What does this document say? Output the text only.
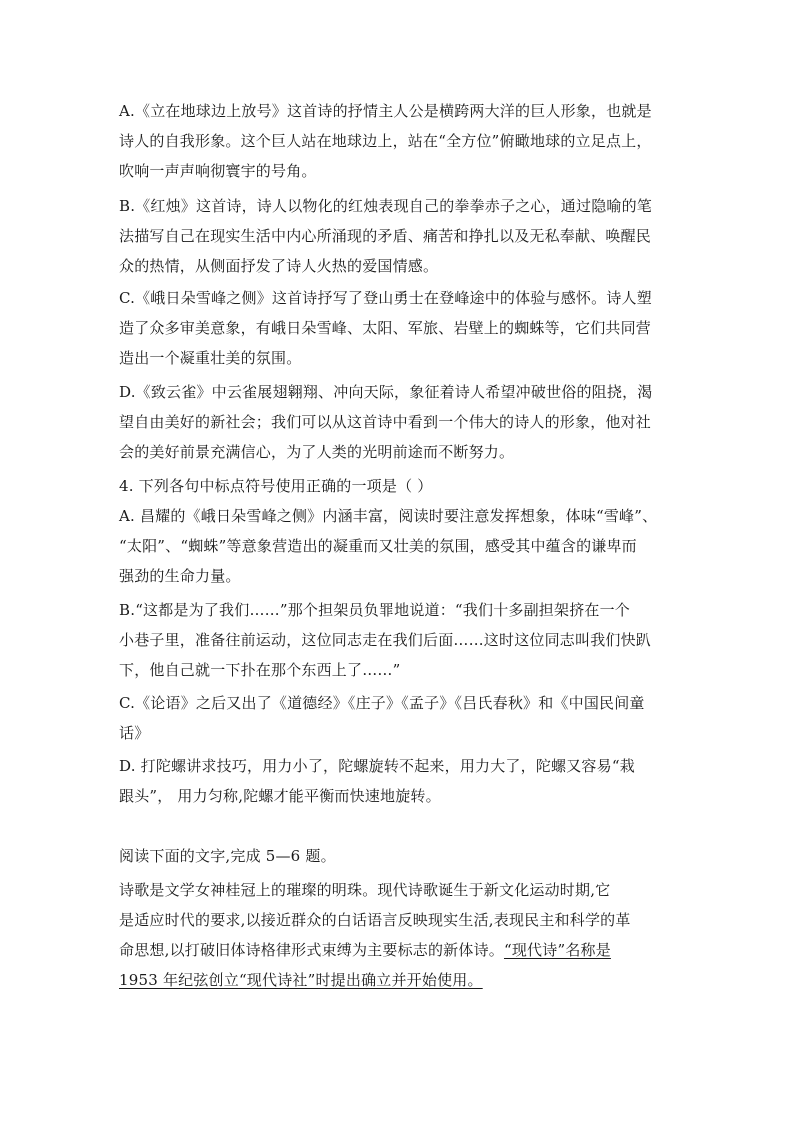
A.《立在地球边上放号》这首诗的抒情主人公是横跨两大洋的巨人形象，也就是
诗人的自我形象。这个巨人站在地球边上，站在“全方位”俯瞰地球的立足点上，
吹响一声声响彻寰宇的号角。
B.《红烛》这首诗，诗人以物化的红烛表现自己的拳拳赤子之心，通过隐喻的笔
法描写自己在现实生活中内心所涌现的矛盾、痛苦和挣扎以及无私奉献、唤醒民
众的热情，从侧面抒发了诗人火热的爱国情感。
C.《峨日朵雪峰之侧》这首诗抒写了登山勇士在登峰途中的体验与感怀。诗人塑
造了众多审美意象，有峨日朵雪峰、太阳、军旅、岩壁上的蜘蛛等，它们共同营
造出一个凝重壮美的氛围。
D.《致云雀》中云雀展翅翱翔、冲向天际，象征着诗人希望冲破世俗的阻挠，渴
望自由美好的新社会；我们可以从这首诗中看到一个伟大的诗人的形象，他对社
会的美好前景充满信心，为了人类的光明前途而不断努力。
4. 下列各句中标点符号使用正确的一项是（ ）
A. 昌耀的《峨日朵雪峰之侧》内涵丰富，阅读时要注意发挥想象，体味“雪峰”、
“太阳”、“蜘蛛”等意象营造出的凝重而又壮美的氛围，感受其中蕴含的谦卑而
强劲的生命力量。
B.“这都是为了我们……”那个担架员负罪地说道：“我们十多副担架挤在一个
小巷子里，准备往前运动，这位同志走在我们后面……这时这位同志叫我们快趴
下，他自己就一下扑在那个东西上了……”
C.《论语》之后又出了《道德经》《庄子》《孟子》《吕氏春秋》和《中国民间童
话》
D. 打陀螺讲求技巧，用力小了，陀螺旋转不起来，用力大了，陀螺又容易“栽
跟头”， 用力匀称,陀螺才能平衡而快速地旋转。
阅读下面的文字,完成 5—6 题。
诗歌是文学女神桂冠上的璀璨的明珠。现代诗歌诞生于新文化运动时期,它
是适应时代的要求,以接近群众的白话语言反映现实生活,表现民主和科学的革
命思想,以打破旧体诗格律形式束缚为主要标志的新体诗。“现代诗”名称是
1953 年纪弦创立“现代诗社”时提出确立并开始使用。
